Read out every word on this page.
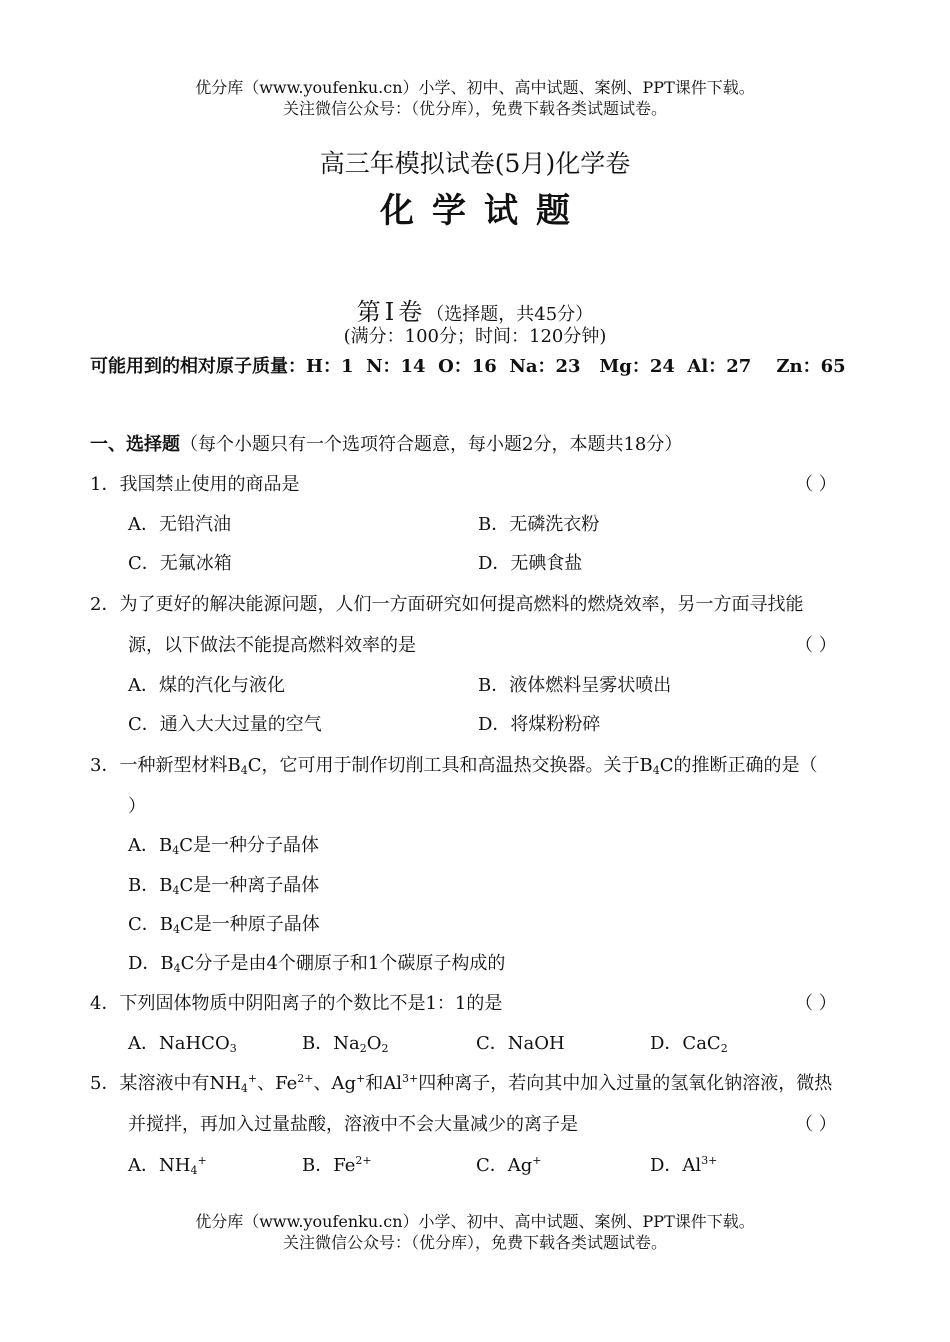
优分库（www.youfenku.cn）小学、初中、高中试题、案例、PPT课件下载。
关注微信公众号：（优分库），免费下载各类试题试卷。
高三年模拟试卷(5月)化学卷
化学试题
第Ⅰ卷（选择题，共45分）
(满分：100分；时间：120分钟)
可能用到的相对原子质量：H：1  N：14  O：16  Na：23   Mg：24  Al：27    Zn：65
一、选择题（每个小题只有一个选项符合题意，每小题2分，本题共18分）
1．我国禁止使用的商品是	（ ）
A．无铅汽油	B．无磷洗衣粉
C．无氟冰箱	D．无碘食盐
2．为了更好的解决能源问题，人们一方面研究如何提高燃料的燃烧效率，另一方面寻找能
源，以下做法不能提高燃料效率的是	（ ）
A．煤的汽化与液化	B．液体燃料呈雾状喷出
C．通入大大过量的空气	D．将煤粉粉碎
3．一种新型材料$B_4C$，它可用于制作切削工具和高温热交换器。关于$B_4C$的推断正确的是（
）
A．$B_4C$是一种分子晶体
B．$B_4C$是一种离子晶体
C．$B_4C$是一种原子晶体
D．$B_4C$分子是由4个硼原子和1个碳原子构成的
4．下列固体物质中阴阳离子的个数比不是1：1的是	（ ）
A．NaHCO$_3$	B．$Na_2O_2$	C．NaOH	D．CaC$_2$
5．某溶液中有$NH_4^+$、$Fe^{2+}$、Ag+和$Al^{3+}$四种离子，若向其中加入过量的氢氧化钠溶液，微热
并搅拌，再加入过量盐酸，溶液中不会大量减少的离子是	（ ）
A．$NH_4^+$	B．$Fe^{2+}$	C．Ag+	D．$Al^{3+}$
优分库（www.youfenku.cn）小学、初中、高中试题、案例、PPT课件下载。
关注微信公众号：（优分库），免费下载各类试题试卷。
